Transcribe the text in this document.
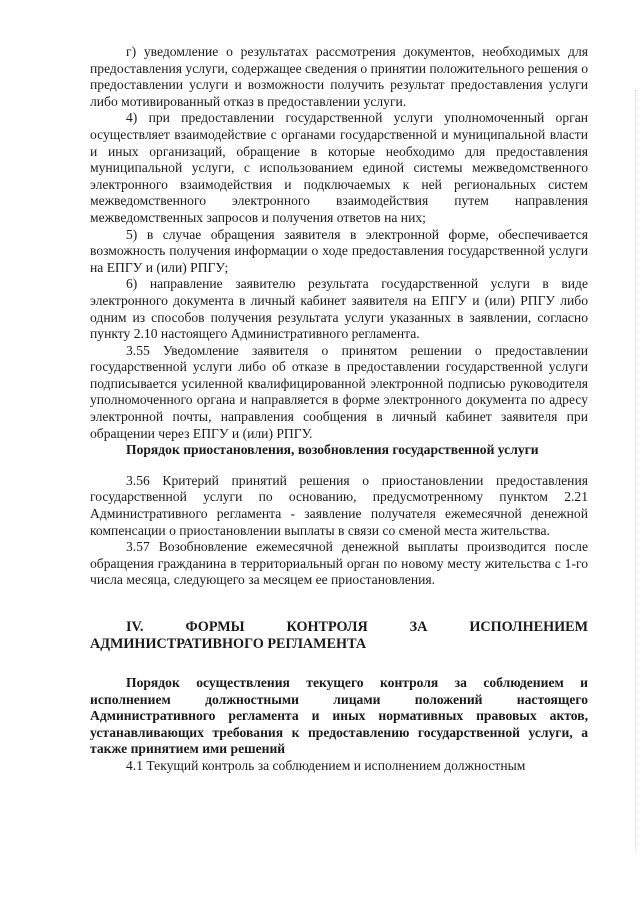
г) уведомление о результатах рассмотрения документов, необходимых для предоставления услуги, содержащее сведения о принятии положительного решения о предоставлении услуги и возможности получить результат предоставления услуги либо мотивированный отказ в предоставлении услуги.

4) при предоставлении государственной услуги уполномоченный орган осуществляет взаимодействие с органами государственной и муниципальной власти и иных организаций, обращение в которые необходимо для предоставления муниципальной услуги, с использованием единой системы межведомственного электронного взаимодействия и подключаемых к ней региональных систем межведомственного электронного взаимодействия путем направления межведомственных запросов и получения ответов на них;

5) в случае обращения заявителя в электронной форме, обеспечивается возможность получения информации о ходе предоставления государственной услуги на ЕПГУ и (или) РПГУ;

6) направление заявителю результата государственной услуги в виде электронного документа в личный кабинет заявителя на ЕПГУ и (или) РПГУ либо одним из способов получения результата услуги указанных в заявлении, согласно пункту 2.10 настоящего Административного регламента.

3.55 Уведомление заявителя о принятом решении о предоставлении государственной услуги либо об отказе в предоставлении государственной услуги подписывается усиленной квалифицированной электронной подписью руководителя уполномоченного органа и направляется в форме электронного документа по адресу электронной почты, направления сообщения в личный кабинет заявителя при обращении через ЕПГУ и (или) РПГУ.

Порядок приостановления, возобновления государственной услуги

3.56 Критерий принятий решения о приостановлении предоставления государственной услуги по основанию, предусмотренному пунктом 2.21 Административного регламента - заявление получателя ежемесячной денежной компенсации о приостановлении выплаты в связи со сменой места жительства.

3.57 Возобновление ежемесячной денежной выплаты производится после обращения гражданина в территориальный орган по новому месту жительства с 1-го числа месяца, следующего за месяцем ее приостановления.

IV. ФОРМЫ КОНТРОЛЯ ЗА ИСПОЛНЕНИЕМ

АДМИНИСТРАТИВНОГО РЕГЛАМЕНТА

Порядок осуществления текущего контроля за соблюдением и исполнением должностными лицами положений настоящего Административного регламента и иных нормативных правовых актов, устанавливающих требования к предоставлению государственной услуги, а также принятием ими решений

4.1 Текущий контроль за соблюдением и исполнением должностным
